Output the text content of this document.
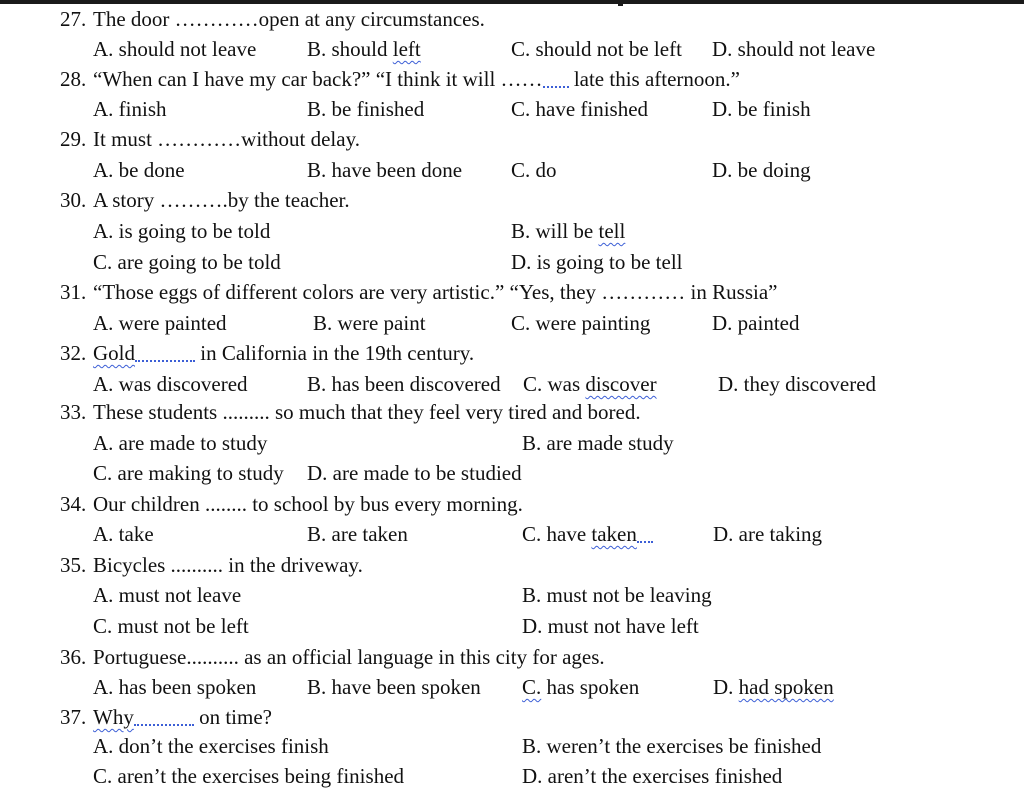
27. The door …………open at any circumstances.
A. should not leave B. should left	C. should not be left D. should not leave
28. “When can I have my car back?” “I think it will …… late this afternoon.”
A. finish	B. be finished	C. have finished	D. be finish
29. It must …………without delay.
A. be done	B. have been done C. do	D. be doing
30. A story ……….by the teacher.
A. is going to be told	B. will be tell
C. are going to be told	D. is going to be tell
31. “Those eggs of different colors are very artistic.” “Yes, they ………… in Russia”
A. were painted	B. were paint	C. were painting	D. painted
32. Gold	in California in the 19th century.
A. was discovered	B. has been discovered C. was discover	D. they discovered
33. These students ......... so much that they feel very tired and bored.
A. are made to study	B. are made study
C. are making to study D. are made to be studied
34. Our children ........ to school by bus every morning.
A. take	B. are taken	C. have taken	D. are taking
35. Bicycles .......... in the driveway.
A. must not leave	B. must not be leaving
C. must not be left	D. must not have left
36. Portuguese.......... as an official language in this city for ages.
A. has been spoken B. have been spoken C. has spoken	D. had spoken
37. Why	on time?
A. don’t the exercises finish	B. weren’t the exercises be finished
C. aren’t the exercises being finished	D. aren’t the exercises finished
